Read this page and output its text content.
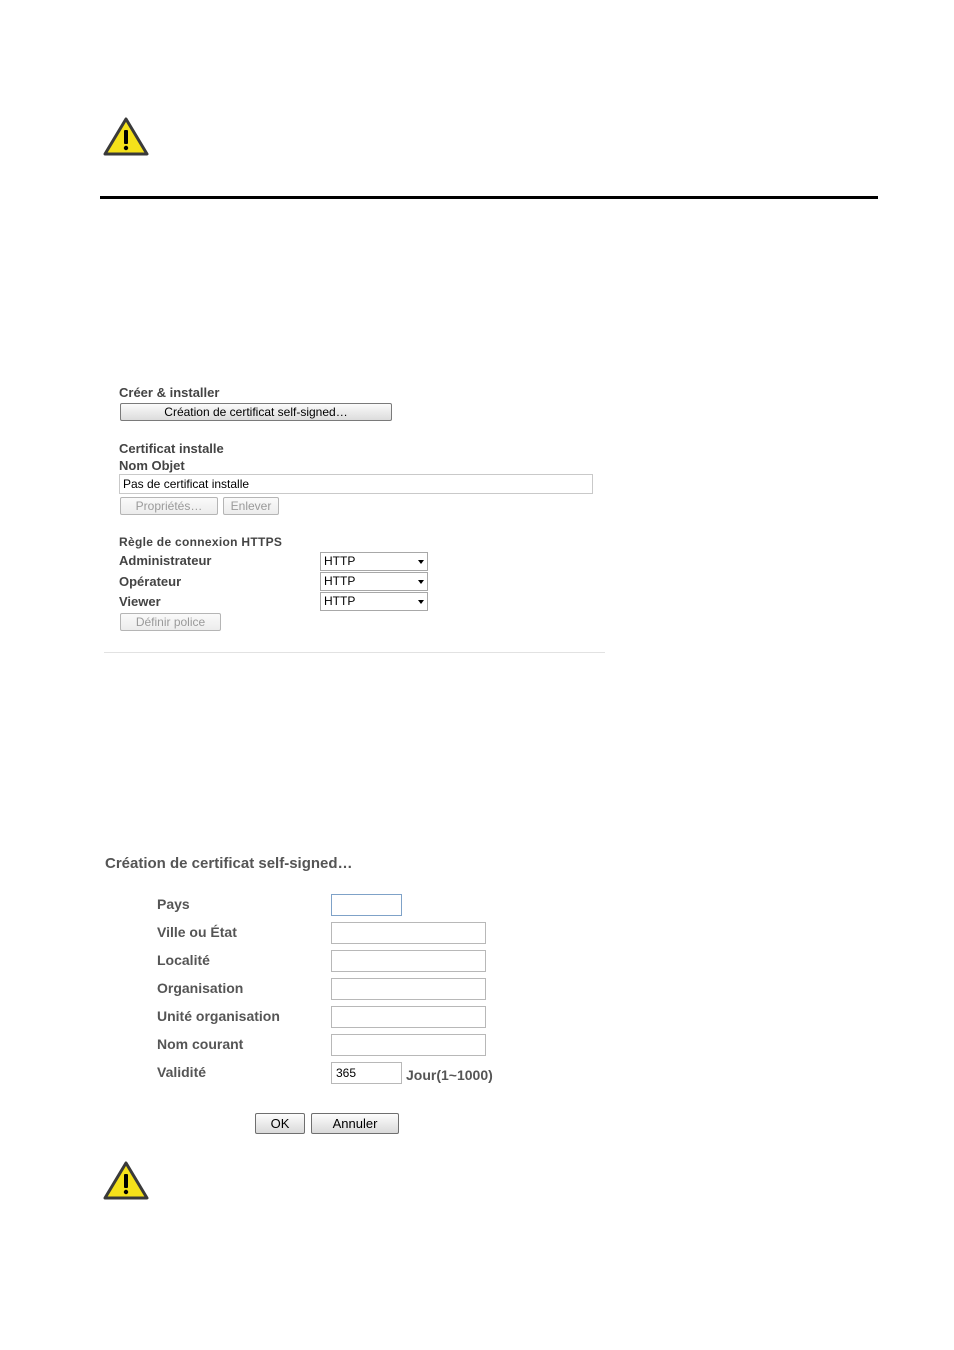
Créer & installer
Création de certificat self-signed…
Certificat installe
Nom Objet
Pas de certificat installe
Propriétés…	Enlever
Règle de connexion HTTPS
Administrateur	HTTP
Opérateur	HTTP
Viewer	HTTP
Définir police
Création de certificat self-signed…
Pays
Ville ou État
Localité
Organisation
Unité organisation
Nom courant
Validité	365	Jour(1~1000)
OK	Annuler
